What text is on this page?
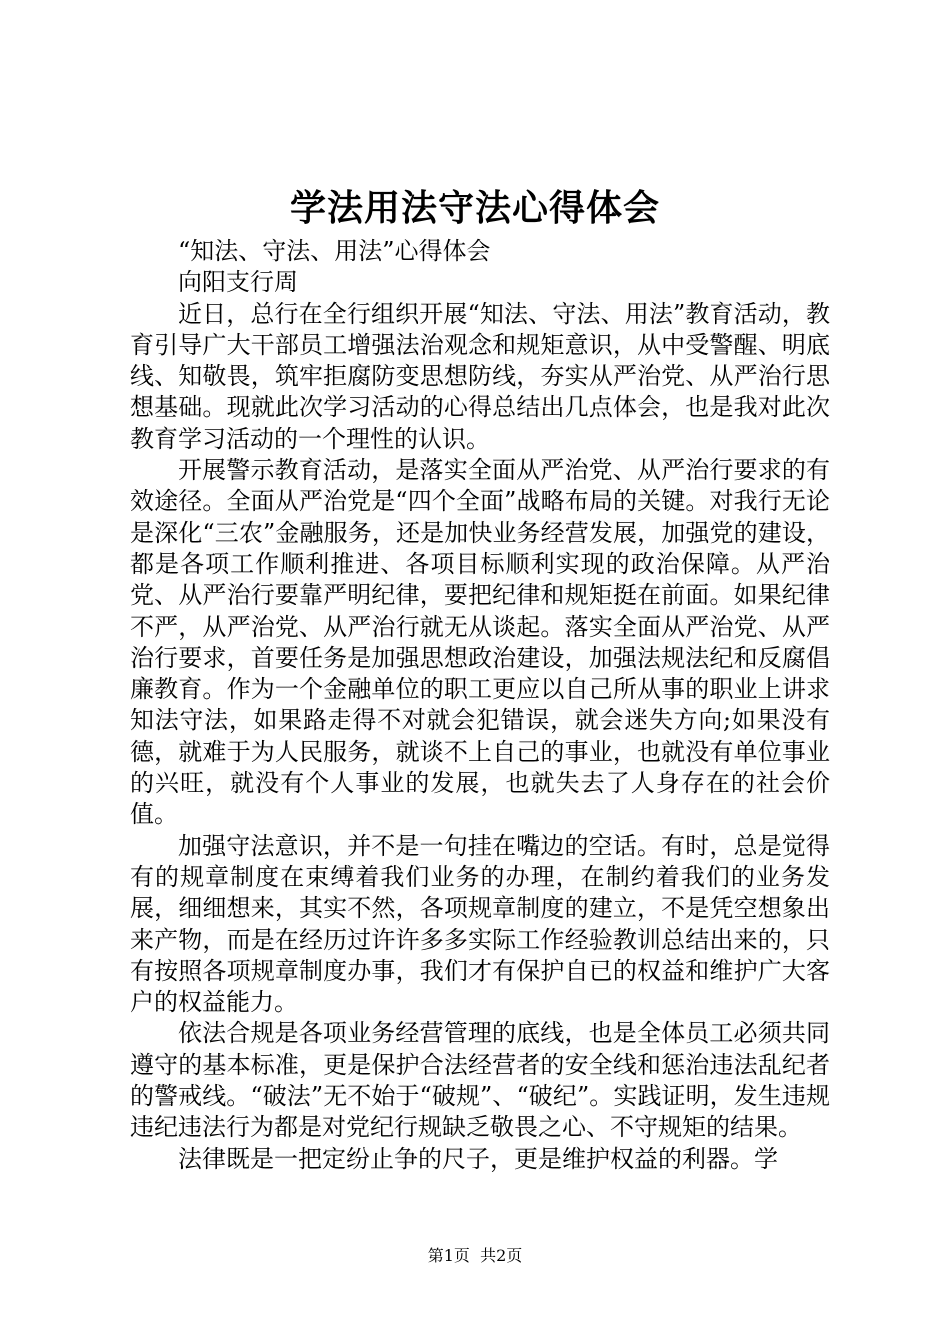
学法用法守法心得体会

“知法、守法、用法”心得体会

向阳支行周

近日，总行在全行组织开展“知法、守法、用法”教育活动，教育引导广大干部员工增强法治观念和规矩意识，从中受警醒、明底线、知敬畏，筑牢拒腐防变思想防线，夯实从严治党、从严治行思想基础。现就此次学习活动的心得总结出几点体会，也是我对此次教育学习活动的一个理性的认识。

开展警示教育活动，是落实全面从严治党、从严治行要求的有效途径。全面从严治党是“四个全面”战略布局的关键。对我行无论是深化“三农”金融服务，还是加快业务经营发展，加强党的建设，都是各项工作顺利推进、各项目标顺利实现的政治保障。从严治党、从严治行要靠严明纪律，要把纪律和规矩挺在前面。如果纪律不严，从严治党、从严治行就无从谈起。落实全面从严治党、从严治行要求，首要任务是加强思想政治建设，加强法规法纪和反腐倡廉教育。作为一个金融单位的职工更应以自己所从事的职业上讲求知法守法，如果路走得不对就会犯错误，就会迷失方向;如果没有德，就难于为人民服务，就谈不上自己的事业，也就没有单位事业的兴旺，就没有个人事业的发展，也就失去了人身存在的社会价值。

加强守法意识，并不是一句挂在嘴边的空话。有时，总是觉得有的规章制度在束缚着我们业务的办理，在制约着我们的业务发展，细细想来，其实不然，各项规章制度的建立，不是凭空想象出来产物，而是在经历过许许多多实际工作经验教训总结出来的，只有按照各项规章制度办事，我们才有保护自已的权益和维护广大客户的权益能力。

依法合规是各项业务经营管理的底线，也是全体员工必须共同遵守的基本标准，更是保护合法经营者的安全线和惩治违法乱纪者的警戒线。“破法”无不始于“破规”、“破纪”。实践证明，发生违规违纪违法行为都是对党纪行规缺乏敬畏之心、不守规矩的结果。

法律既是一把定纷止争的尺子，更是维护权益的利器。学

第1页  共2页
